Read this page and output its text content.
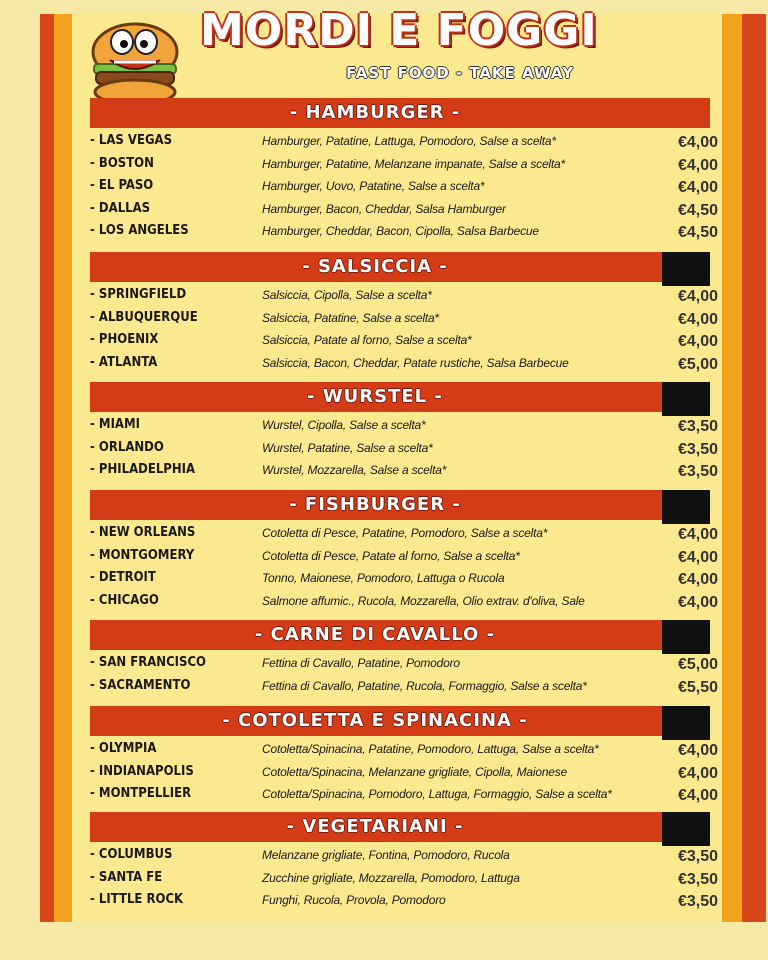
MORDI E FOGGI
FAST FOOD - TAKE AWAY
- HAMBURGER -
- LAS VEGAS	Hamburger, Patatine, Lattuga, Pomodoro, Salse a scelta*	€4,00
- BOSTON	Hamburger, Patatine, Melanzane impanate, Salse a scelta*	€4,00
- EL PASO	Hamburger, Uovo, Patatine, Salse a scelta*	€4,00
- DALLAS	Hamburger, Bacon, Cheddar, Salsa Hamburger	€4,50
- LOS ANGELES	Hamburger, Cheddar, Bacon, Cipolla, Salsa Barbecue	€4,50
- SALSICCIA -
- SPRINGFIELD	Salsiccia, Cipolla, Salse a scelta*	€4,00
- ALBUQUERQUE	Salsiccia, Patatine, Salse a scelta*	€4,00
- PHOENIX	Salsiccia, Patate al forno, Salse a scelta*	€4,00
- ATLANTA	Salsiccia, Bacon, Cheddar, Patate rustiche, Salsa Barbecue	€5,00
- WURSTEL -
- MIAMI	Wurstel, Cipolla, Salse a scelta*	€3,50
- ORLANDO	Wurstel, Patatine, Salse a scelta*	€3,50
- PHILADELPHIA	Wurstel, Mozzarella, Salse a scelta*	€3,50
- FISHBURGER -
- NEW ORLEANS	Cotoletta di Pesce, Patatine, Pomodoro, Salse a scelta*	€4,00
- MONTGOMERY	Cotoletta di Pesce, Patate al forno, Salse a scelta*	€4,00
- DETROIT	Tonno, Maionese, Pomodoro, Lattuga o Rucola	€4,00
- CHICAGO	Salmone affumic., Rucola, Mozzarella, Olio extrav. d'oliva, Sale	€4,00
- CARNE DI CAVALLO -
- SAN FRANCISCO	Fettina di Cavallo, Patatine, Pomodoro	€5,00
- SACRAMENTO	Fettina di Cavallo, Patatine, Rucola, Formaggio, Salse a scelta*	€5,50
- COTOLETTA E SPINACINA -
- OLYMPIA	Cotoletta/Spinacina, Patatine, Pomodoro, Lattuga, Salse a scelta*	€4,00
- INDIANAPOLIS	Cotoletta/Spinacina, Melanzane grigliate, Cipolla, Maionese	€4,00
- MONTPELLIER	Cotoletta/Spinacina, Pomodoro, Lattuga, Formaggio, Salse a scelta*	€4,00
- VEGETARIANI -
- COLUMBUS	Melanzane grigliate, Fontina, Pomodoro, Rucola	€3,50
- SANTA FE	Zucchine grigliate, Mozzarella, Pomodoro, Lattuga	€3,50
- LITTLE ROCK	Funghi, Rucola, Provola, Pomodoro	€3,50
